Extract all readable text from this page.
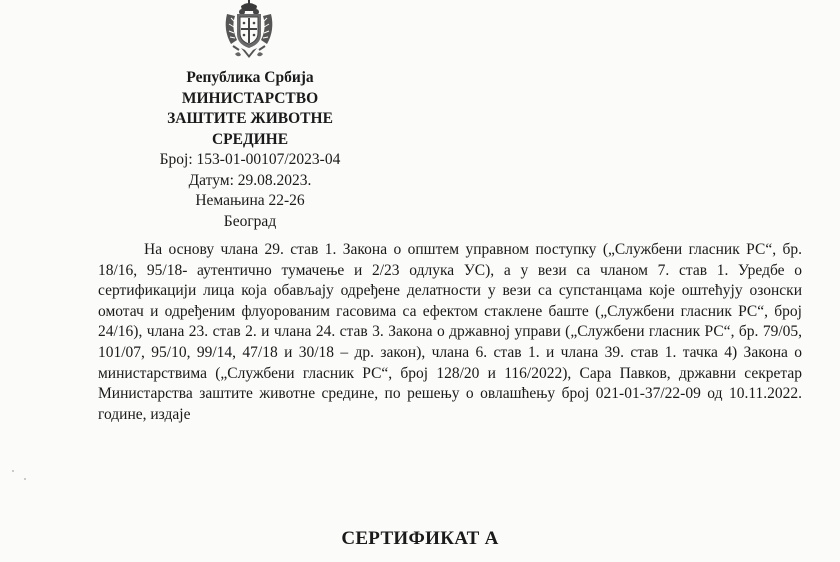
Република Србија
МИНИСТАРСТВО
ЗАШТИТЕ ЖИВОТНЕ СРЕДИНЕ
Број: 153-01-00107/2023-04
Датум: 29.08.2023.
Немањина 22-26
Београд

На основу члана 29. став 1. Закона о општем управном поступку („Службени гласник РС“, бр. 18/16, 95/18- аутентично тумачење и 2/23 одлука УС), а у вези са чланом 7. став 1. Уредбе о сертификацији лица која обављају одређене делатности у вези са супстанцама које оштећују озонски омотач и одређеним флуорованим гасовима са ефектом стаклене баште („Службени гласник РС“, број 24/16), члана 23. став 2. и члана 24. став 3. Закона о државној управи („Службени гласник РС“, бр. 79/05, 101/07, 95/10, 99/14, 47/18 и 30/18 – др. закон), члана 6. став 1. и члана 39. став 1. тачка 4) Закона о министарствима („Службени гласник РС“, број 128/20 и 116/2022), Сара Павков, државни секретар Министарства заштите животне средине, по решењу о овлашћењу број 021-01-37/22-09 од 10.11.2022. године, издаје

СЕРТИФИКАТ А
